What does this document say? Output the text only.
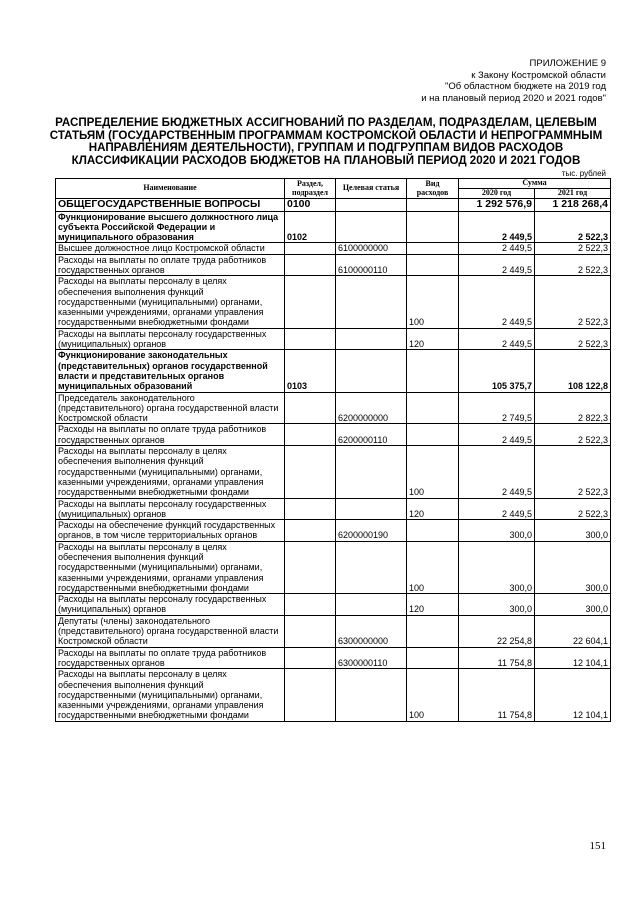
ПРИЛОЖЕНИЕ 9
к Закону Костромской области
"Об областном бюджете на 2019 год
и на плановый период 2020 и 2021 годов"
РАСПРЕДЕЛЕНИЕ БЮДЖЕТНЫХ АССИГНОВАНИЙ ПО РАЗДЕЛАМ, ПОДРАЗДЕЛАМ, ЦЕЛЕВЫМ СТАТЬЯМ (ГОСУДАРСТВЕННЫМ ПРОГРАММАМ КОСТРОМСКОЙ ОБЛАСТИ И НЕПРОГРАММНЫМ НАПРАВЛЕНИЯМ ДЕЯТЕЛЬНОСТИ), ГРУППАМ И ПОДГРУППАМ ВИДОВ РАСХОДОВ КЛАССИФИКАЦИИ РАСХОДОВ БЮДЖЕТОВ НА ПЛАНОВЫЙ ПЕРИОД 2020 И 2021 ГОДОВ
тыс. рублей
Наименование	Раздел, подраздел	Целевая статья	Вид расходов	Сумма	
				2020 год	2021 год
ОБЩЕГОСУДАРСТВЕННЫЕ ВОПРОСЫ	0100			1 292 576,9	1 218 268,4
Функционирование высшего должностного лица субъекта Российской Федерации и муниципального образования	0102			2 449,5	2 522,3
Высшее должностное лицо Костромской области		6100000000		2 449,5	2 522,3
Расходы на выплаты по оплате труда работников государственных органов		6100000110		2 449,5	2 522,3
Расходы на выплаты персоналу в целях обеспечения выполнения функций государственными (муниципальными) органами, казенными учреждениями, органами управления государственными внебюджетными фондами			100	2 449,5	2 522,3
Расходы на выплаты персоналу государственных (муниципальных) органов			120	2 449,5	2 522,3
Функционирование законодательных (представительных) органов государственной власти и представительных органов муниципальных образований	0103			105 375,7	108 122,8
Председатель законодательного (представительного) органа государственной власти Костромской области		6200000000		2 749,5	2 822,3
Расходы на выплаты по оплате труда работников государственных органов		6200000110		2 449,5	2 522,3
Расходы на выплаты персоналу в целях обеспечения выполнения функций государственными (муниципальными) органами, казенными учреждениями, органами управления государственными внебюджетными фондами			100	2 449,5	2 522,3
Расходы на выплаты персоналу государственных (муниципальных) органов			120	2 449,5	2 522,3
Расходы на обеспечение функций государственных органов, в том числе территориальных органов		6200000190		300,0	300,0
Расходы на выплаты персоналу в целях обеспечения выполнения функций государственными (муниципальными) органами, казенными учреждениями, органами управления государственными внебюджетными фондами			100	300,0	300,0
Расходы на выплаты персоналу государственных (муниципальных) органов			120	300,0	300,0
Депутаты (члены) законодательного (представительного) органа государственной власти Костромской области		6300000000		22 254,8	22 604,1
Расходы на выплаты по оплате труда работников государственных органов		6300000110		11 754,8	12 104,1
Расходы на выплаты персоналу в целях обеспечения выполнения функций государственными (муниципальными) органами, казенными учреждениями, органами управления государственными внебюджетными фондами			100	11 754,8	12 104,1
151
